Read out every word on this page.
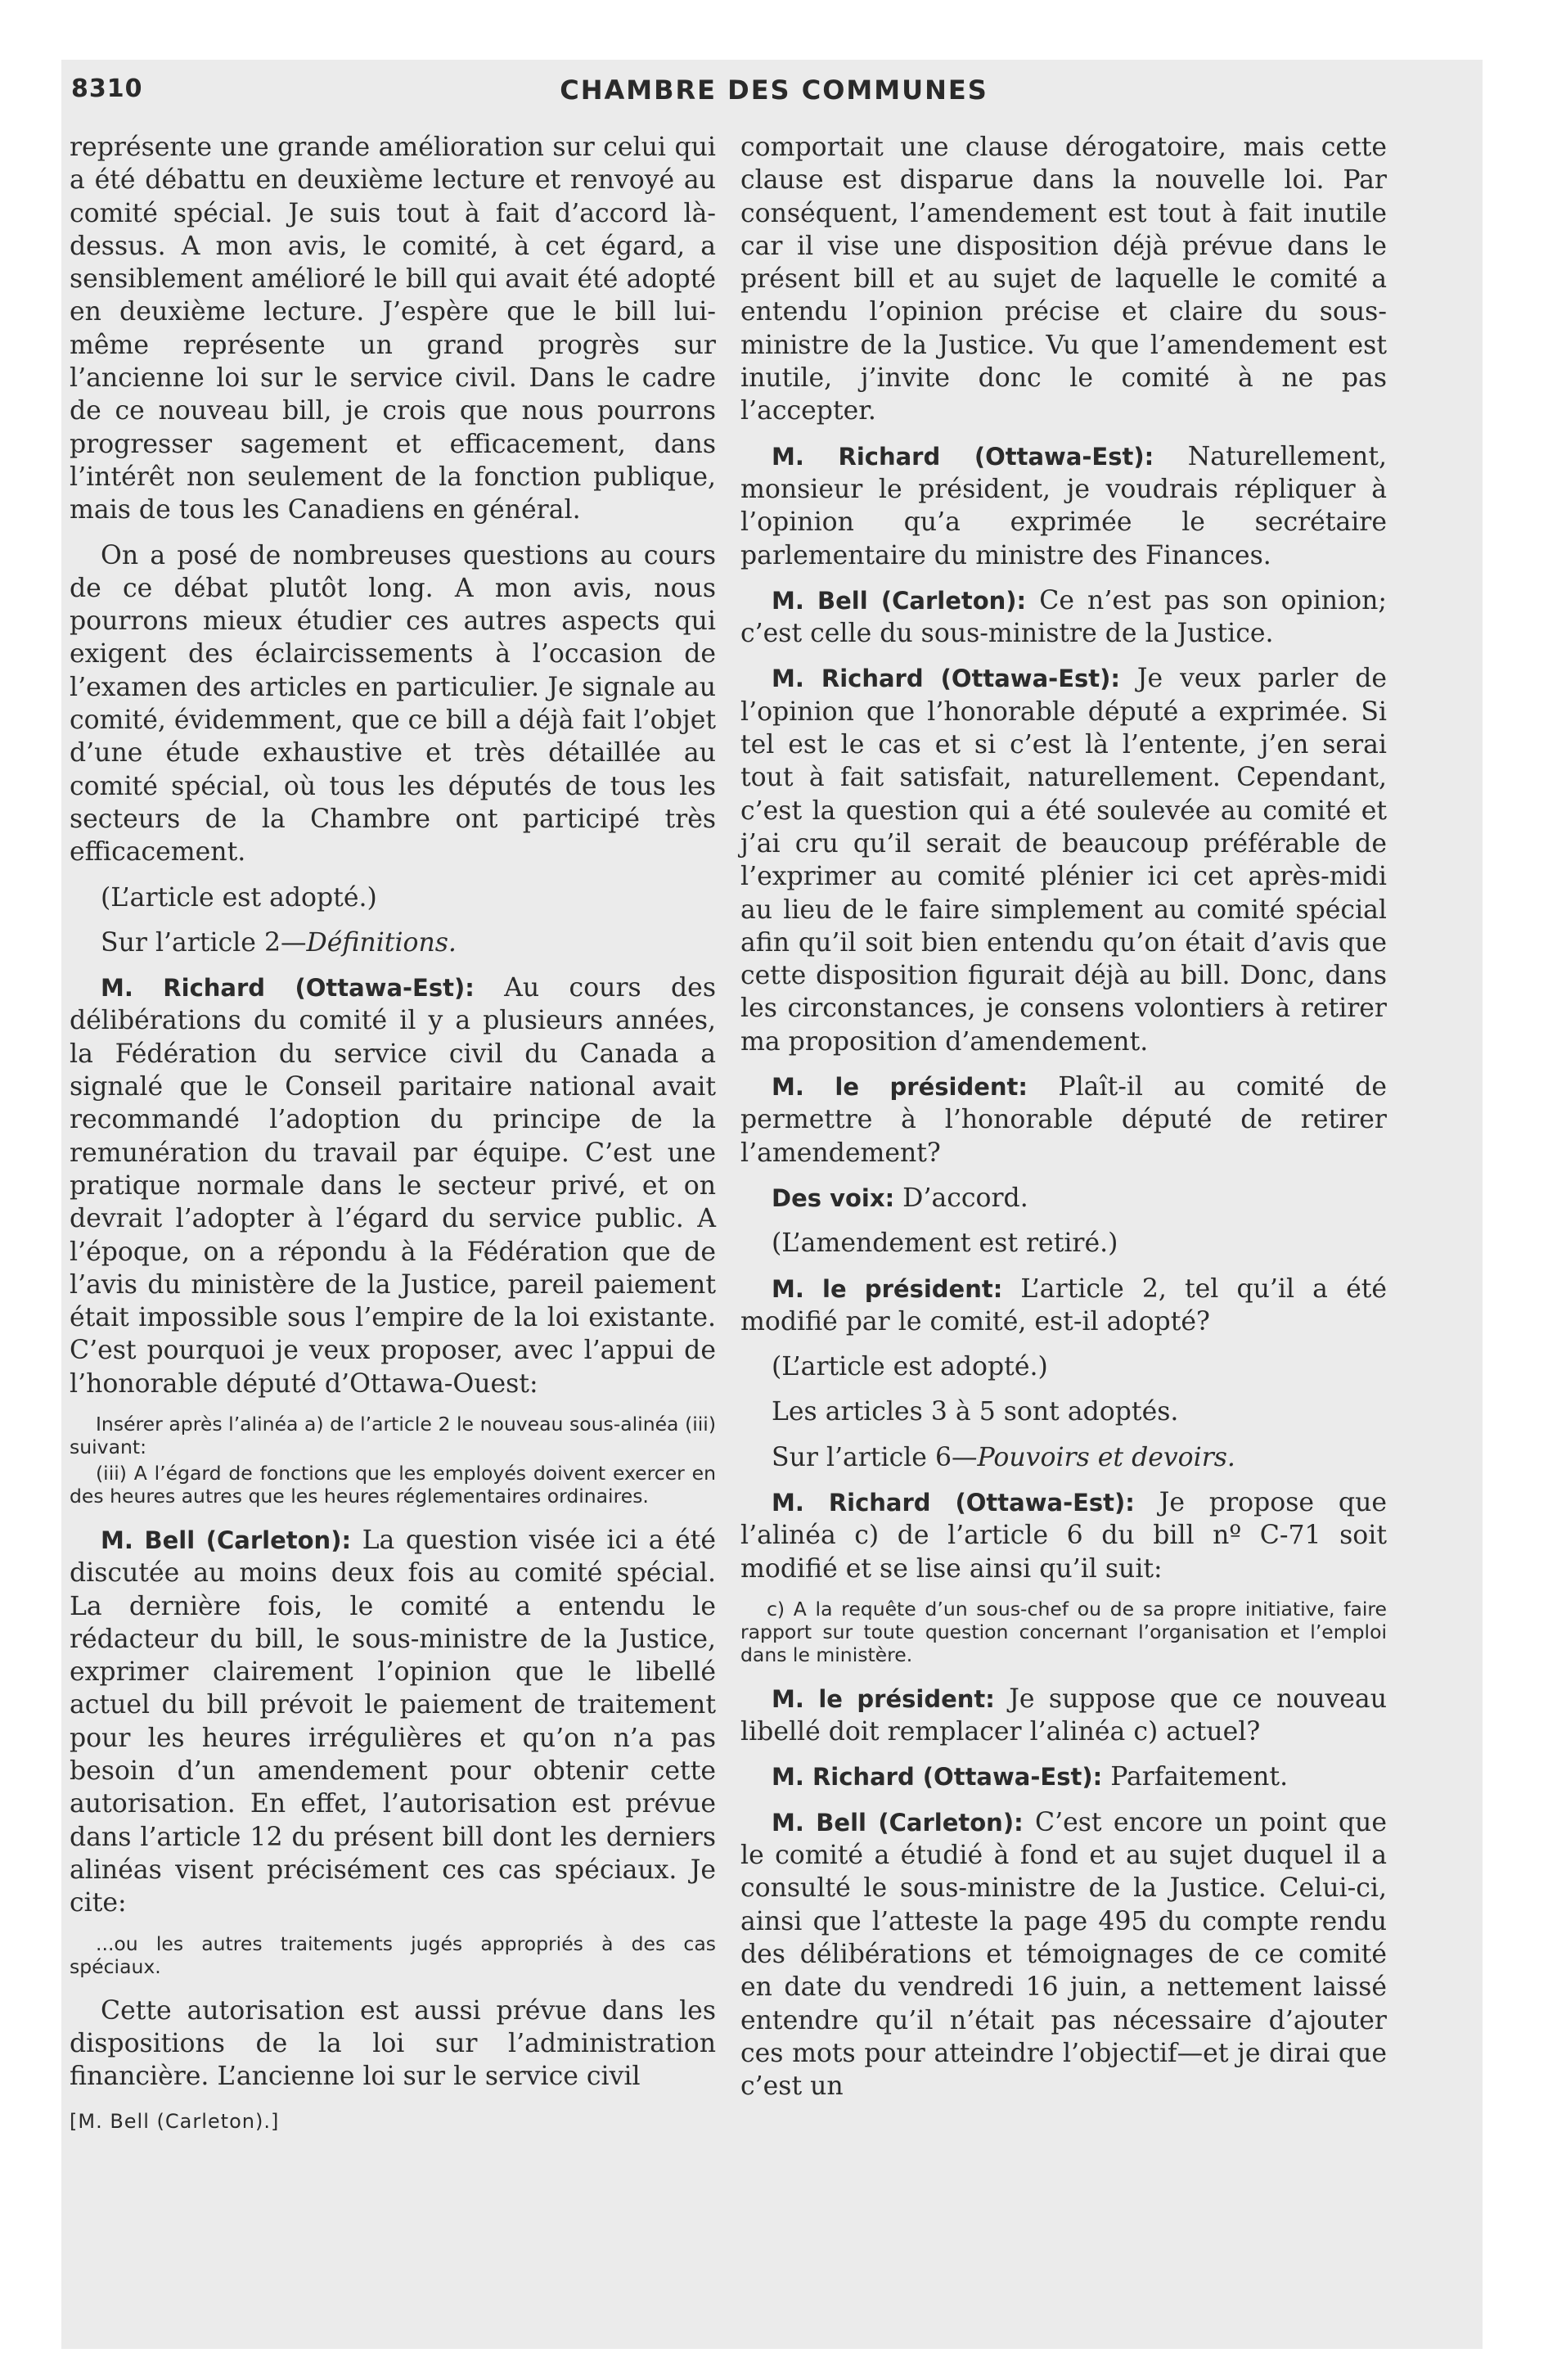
8310	CHAMBRE DES COMMUNES

représente une grande amélioration sur celui qui a été débattu en deuxième lecture et renvoyé au comité spécial. Je suis tout à fait d’accord là-dessus. A mon avis, le comité, à cet égard, a sensiblement amélioré le bill qui avait été adopté en deuxième lecture. J’espère que le bill lui-même représente un grand progrès sur l’ancienne loi sur le service civil. Dans le cadre de ce nouveau bill, je crois que nous pourrons progresser sagement et efficacement, dans l’intérêt non seulement de la fonction publique, mais de tous les Canadiens en général.

On a posé de nombreuses questions au cours de ce débat plutôt long. A mon avis, nous pourrons mieux étudier ces autres aspects qui exigent des éclaircissements à l’occasion de l’examen des articles en particulier. Je signale au comité, évidemment, que ce bill a déjà fait l’objet d’une étude exhaustive et très détaillée au comité spécial, où tous les députés de tous les secteurs de la Chambre ont participé très efficacement.

(L’article est adopté.)

Sur l’article 2—Définitions.

M. Richard (Ottawa-Est): Au cours des délibérations du comité il y a plusieurs années, la Fédération du service civil du Canada a signalé que le Conseil paritaire national avait recommandé l’adoption du principe de la remunération du travail par équipe. C’est une pratique normale dans le secteur privé, et on devrait l’adopter à l’égard du service public. A l’époque, on a répondu à la Fédération que de l’avis du ministère de la Justice, pareil paiement était impossible sous l’empire de la loi existante. C’est pourquoi je veux proposer, avec l’appui de l’honorable député d’Ottawa-Ouest:

Insérer après l’alinéa a) de l’article 2 le nouveau sous-alinéa (iii) suivant:
(iii) A l’égard de fonctions que les employés doivent exercer en des heures autres que les heures réglementaires ordinaires.

M. Bell (Carleton): La question visée ici a été discutée au moins deux fois au comité spécial. La dernière fois, le comité a entendu le rédacteur du bill, le sous-ministre de la Justice, exprimer clairement l’opinion que le libellé actuel du bill prévoit le paiement de traitement pour les heures irrégulières et qu’on n’a pas besoin d’un amendement pour obtenir cette autorisation. En effet, l’autorisation est prévue dans l’article 12 du présent bill dont les derniers alinéas visent précisément ces cas spéciaux. Je cite:

...ou les autres traitements jugés appropriés à des cas spéciaux.

Cette autorisation est aussi prévue dans les dispositions de la loi sur l’administration financière. L’ancienne loi sur le service civil

[M. Bell (Carleton).]

comportait une clause dérogatoire, mais cette clause est disparue dans la nouvelle loi. Par conséquent, l’amendement est tout à fait inutile car il vise une disposition déjà prévue dans le présent bill et au sujet de laquelle le comité a entendu l’opinion précise et claire du sous-ministre de la Justice. Vu que l’amendement est inutile, j’invite donc le comité à ne pas l’accepter.

M. Richard (Ottawa-Est): Naturellement, monsieur le président, je voudrais répliquer à l’opinion qu’a exprimée le secrétaire parlementaire du ministre des Finances.

M. Bell (Carleton): Ce n’est pas son opinion; c’est celle du sous-ministre de la Justice.

M. Richard (Ottawa-Est): Je veux parler de l’opinion que l’honorable député a exprimée. Si tel est le cas et si c’est là l’entente, j’en serai tout à fait satisfait, naturellement. Cependant, c’est la question qui a été soulevée au comité et j’ai cru qu’il serait de beaucoup préférable de l’exprimer au comité plénier ici cet après-midi au lieu de le faire simplement au comité spécial afin qu’il soit bien entendu qu’on était d’avis que cette disposition figurait déjà au bill. Donc, dans les circonstances, je consens volontiers à retirer ma proposition d’amendement.

M. le président: Plaît-il au comité de permettre à l’honorable député de retirer l’amendement?

Des voix: D’accord.

(L’amendement est retiré.)

M. le président: L’article 2, tel qu’il a été modifié par le comité, est-il adopté?

(L’article est adopté.)

Les articles 3 à 5 sont adoptés.

Sur l’article 6—Pouvoirs et devoirs.

M. Richard (Ottawa-Est): Je propose que l’alinéa c) de l’article 6 du bill nº C-71 soit modifié et se lise ainsi qu’il suit:

c) A la requête d’un sous-chef ou de sa propre initiative, faire rapport sur toute question concernant l’organisation et l’emploi dans le ministère.

M. le président: Je suppose que ce nouveau libellé doit remplacer l’alinéa c) actuel?

M. Richard (Ottawa-Est): Parfaitement.

M. Bell (Carleton): C’est encore un point que le comité a étudié à fond et au sujet duquel il a consulté le sous-ministre de la Justice. Celui-ci, ainsi que l’atteste la page 495 du compte rendu des délibérations et témoignages de ce comité en date du vendredi 16 juin, a nettement laissé entendre qu’il n’était pas nécessaire d’ajouter ces mots pour atteindre l’objectif—et je dirai que c’est un
